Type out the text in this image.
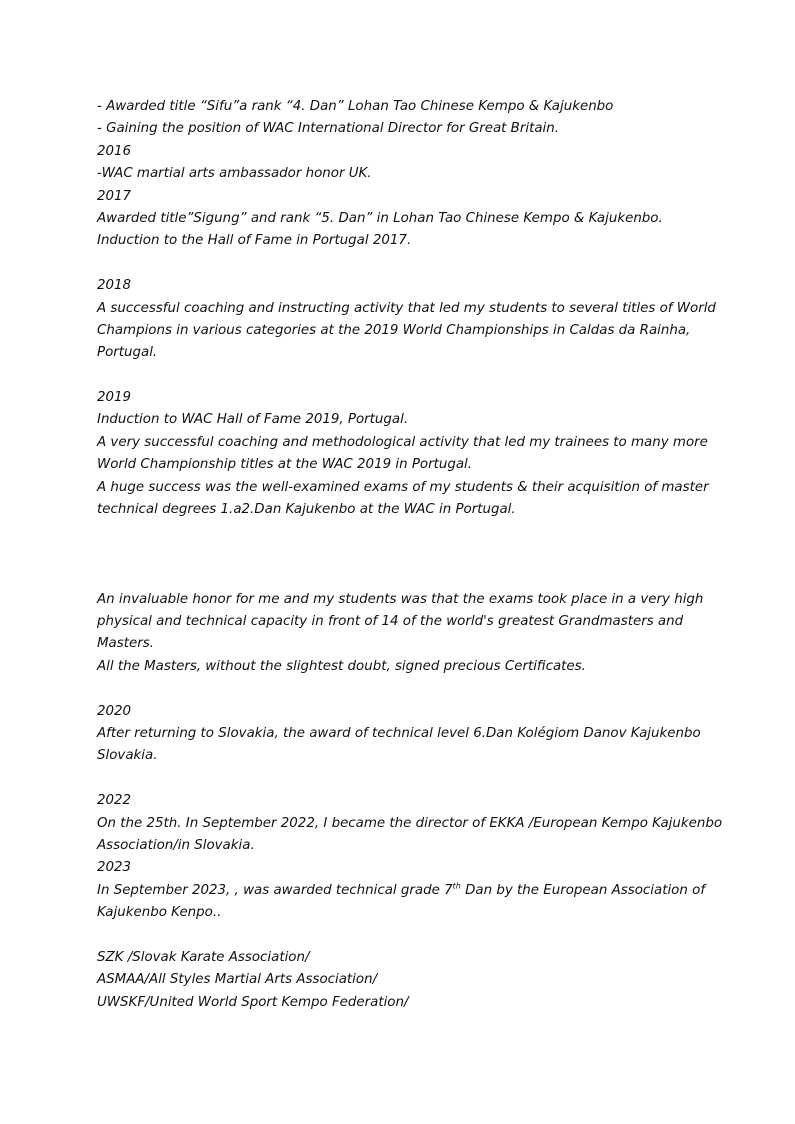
- Awarded title “Sifu”a rank “4. Dan” Lohan Tao Chinese Kempo & Kajukenbo
- Gaining the position of WAC International Director for Great Britain.
2016
-WAC martial arts ambassador honor UK.
2017
Awarded title”Sigung” and rank “5. Dan” in Lohan Tao Chinese Kempo & Kajukenbo.
Induction to the Hall of Fame in Portugal 2017.
2018
A successful coaching and instructing activity that led my students to several titles of World
Champions in various categories at the 2019 World Championships in Caldas da Rainha,
Portugal.
2019
Induction to WAC Hall of Fame 2019, Portugal.
A very successful coaching and methodological activity that led my trainees to many more
World Championship titles at the WAC 2019 in Portugal.
A huge success was the well-examined exams of my students & their acquisition of master
technical degrees 1.a2.Dan Kajukenbo at the WAC in Portugal.
An invaluable honor for me and my students was that the exams took place in a very high
physical and technical capacity in front of 14 of the world's greatest Grandmasters and
Masters.
All the Masters, without the slightest doubt, signed precious Certificates.
2020
After returning to Slovakia, the award of technical level 6.Dan Kolégiom Danov Kajukenbo
Slovakia.
2022
On the 25th. In September 2022, I became the director of EKKA /European Kempo Kajukenbo
Association/in Slovakia.
2023
In September 2023, , was awarded technical grade 7th Dan by the European Association of
Kajukenbo Kenpo..
SZK /Slovak Karate Association/
ASMAA/All Styles Martial Arts Association/
UWSKF/United World Sport Kempo Federation/
